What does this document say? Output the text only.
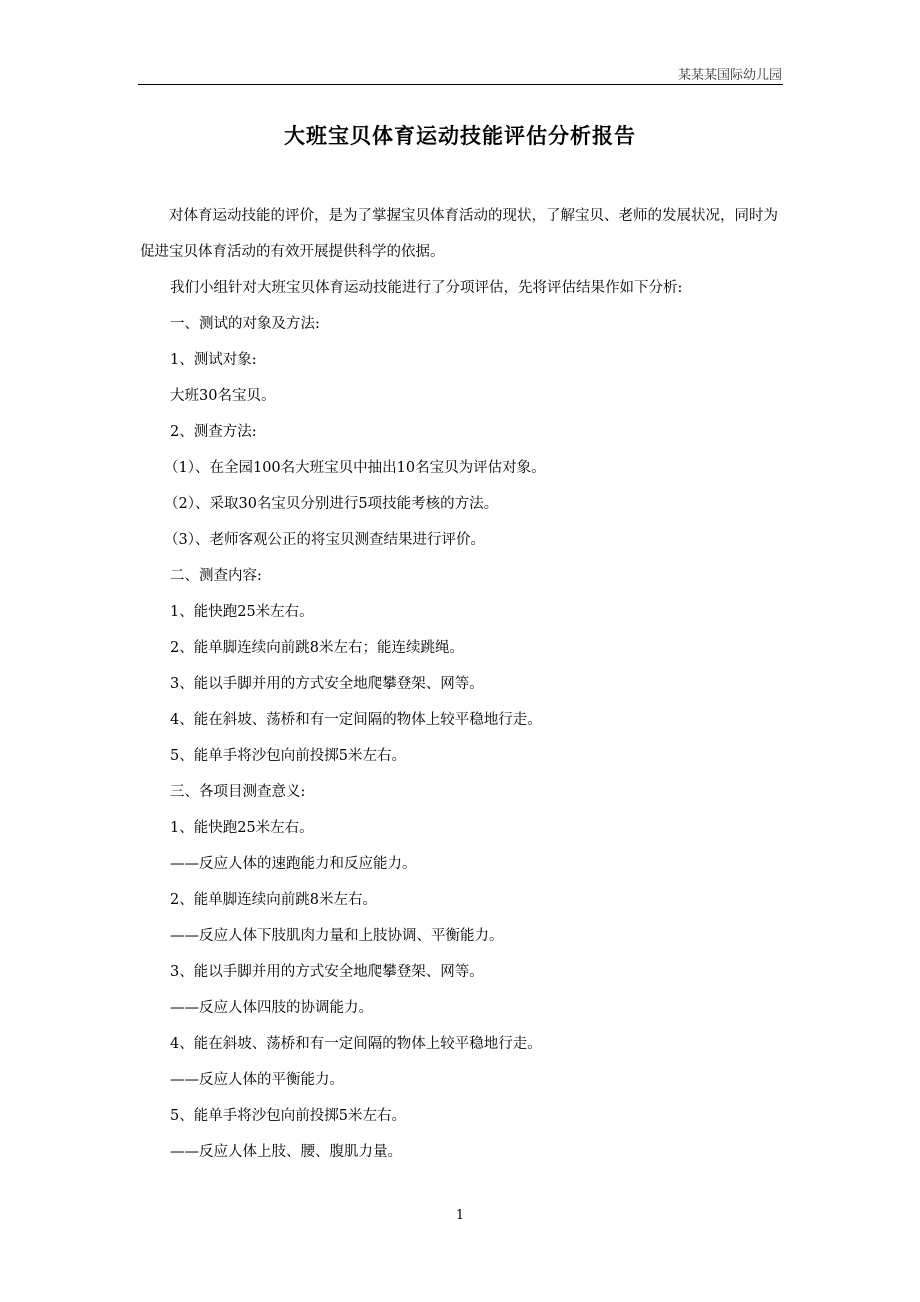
某某某国际幼儿园
大班宝贝体育运动技能评估分析报告

对体育运动技能的评价，是为了掌握宝贝体育活动的现状，了解宝贝、老师的发展状况，同时为促进宝贝体育活动的有效开展提供科学的依据。

我们小组针对大班宝贝体育运动技能进行了分项评估，先将评估结果作如下分析:
一、测试的对象及方法:
1、测试对象:
大班30名宝贝。
2、测查方法:
（1）、在全园100名大班宝贝中抽出10名宝贝为评估对象。
（2）、采取30名宝贝分别进行5项技能考核的方法。
（3）、老师客观公正的将宝贝测查结果进行评价。
二、测查内容:
1、能快跑25米左右。
2、能单脚连续向前跳8米左右；能连续跳绳。
3、能以手脚并用的方式安全地爬攀登架、网等。
4、能在斜坡、荡桥和有一定间隔的物体上较平稳地行走。
5、能单手将沙包向前投掷5米左右。
三、各项目测查意义:
1、能快跑25米左右。
——反应人体的速跑能力和反应能力。
2、能单脚连续向前跳8米左右。
——反应人体下肢肌肉力量和上肢协调、平衡能力。
3、能以手脚并用的方式安全地爬攀登架、网等。
——反应人体四肢的协调能力。
4、能在斜坡、荡桥和有一定间隔的物体上较平稳地行走。
——反应人体的平衡能力。
5、能单手将沙包向前投掷5米左右。
——反应人体上肢、腰、腹肌力量。
1
